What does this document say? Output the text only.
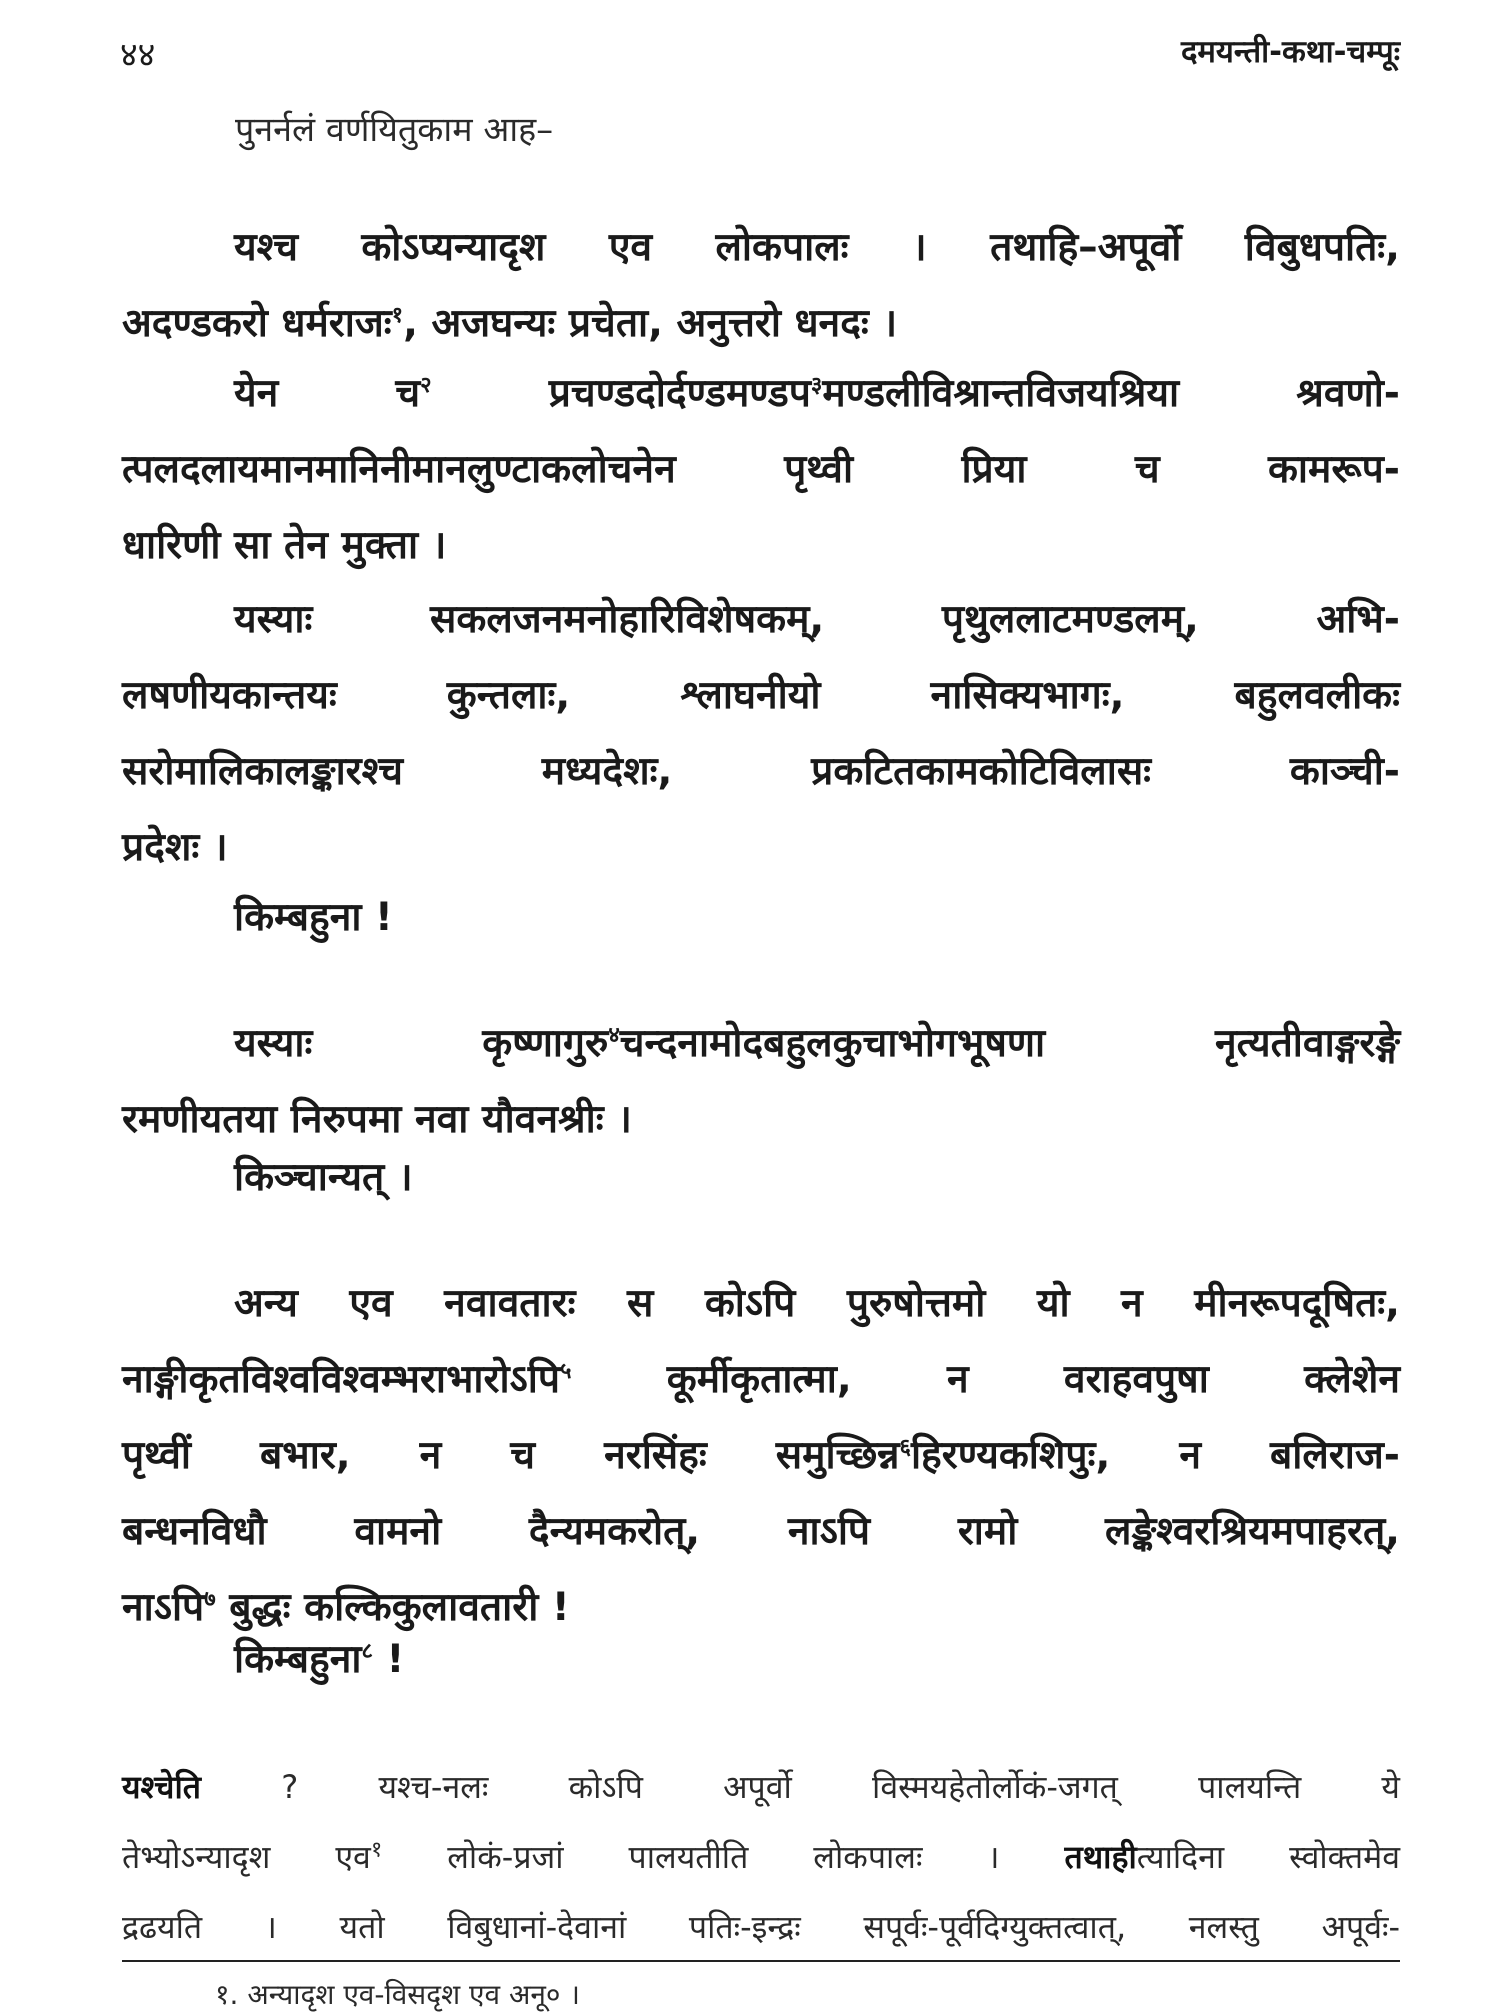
४४	दमयन्ती-कथा-चम्पूः
पुनर्नलं वर्णयितुकाम आह–
यश्च कोऽप्यन्यादृश एव लोकपालः । तथाहि–अपूर्वो विबुधपतिः,
अदण्डकरो धर्मराजः$^१$, अजघन्यः प्रचेता, अनुत्तरो धनदः ।
येन च$^२$ प्रचण्डदोर्दण्डमण्डप$^३$मण्डलीविश्रान्तविजयश्रिया श्रवणो-
त्पलदलायमानमानिनीमानलुण्टाकलोचनेन पृथ्वी प्रिया च कामरूप-
धारिणी सा तेन मुक्ता ।
यस्याः सकलजनमनोहारिविशेषकम्, पृथुललाटमण्डलम्, अभि-
लषणीयकान्तयः कुन्तलाः, श्लाघनीयो नासिक्यभागः, बहुलवलीकः
सरोमालिकालङ्कारश्च मध्यदेशः, प्रकटितकामकोटिविलासः काञ्ची-
प्रदेशः ।
किम्बहुना !
यस्याः कृष्णागुरु$^४$चन्दनामोदबहुलकुचाभोगभूषणा नृत्यतीवाङ्गरङ्गे
रमणीयतया निरुपमा नवा यौवनश्रीः ।
किञ्चान्यत् ।
अन्य एव नवावतारः स कोऽपि पुरुषोत्तमो यो न मीनरूपदूषितः,
नाङ्गीकृतविश्वविश्वम्भराभारोऽपि$^५$ कूर्मीकृतात्मा, न वराहवपुषा क्लेशेन
पृथ्वीं बभार, न च नरसिंहः समुच्छिन्न$^६$हिरण्यकशिपुः, न बलिराज-
बन्धनविधौ वामनो दैन्यमकरोत्, नाऽपि रामो लङ्केश्वरश्रियमपाहरत्,
नाऽपि$^७$ बुद्धः कल्किकुलावतारी !
किम्बहुना$^८$ !
यश्चेति ? यश्च-नलः कोऽपि अपूर्वो विस्मयहेतोर्लोकं-जगत् पालयन्ति ये
तेभ्योऽन्यादृश एव$^१$ लोकं-प्रजां पालयतीति लोकपालः । तथाहीत्यादिना स्वोक्तमेव
द्रढयति । यतो विबुधानां-देवानां पतिः-इन्द्रः सपूर्वः-पूर्वदिग्युक्तत्वात्, नलस्तु अपूर्वः-
१. अन्यादृश एव-विसदृश एव अनू० ।
